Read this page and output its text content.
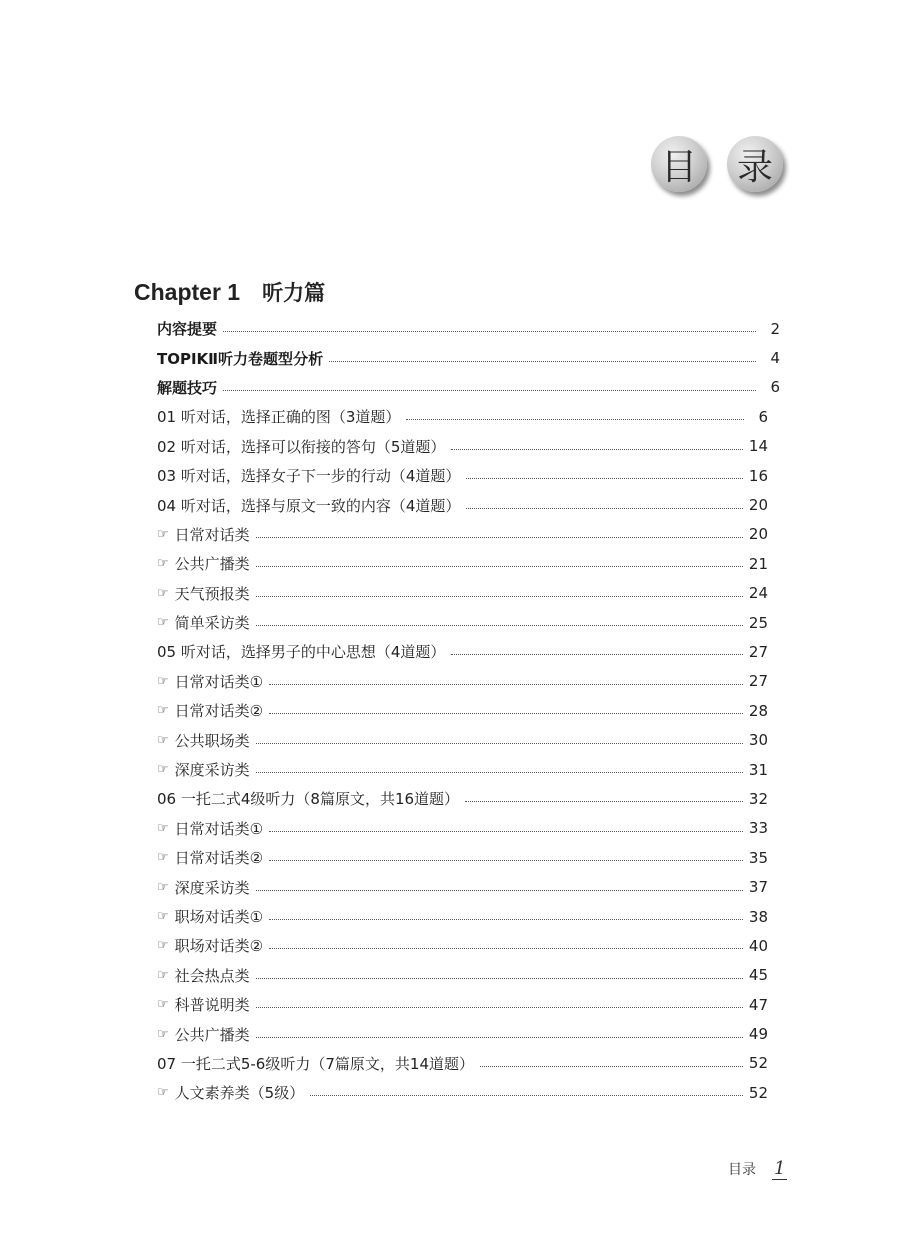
目 录
Chapter 1 听力篇
内容提要	2
TOPIKⅡ听力卷题型分析	4
解题技巧	6
01 听对话，选择正确的图（3道题）	6
02 听对话，选择可以衔接的答句（5道题）	14
03 听对话，选择女子下一步的行动（4道题）	16
04 听对话，选择与原文一致的内容（4道题）	20
☞ 日常对话类	20
☞ 公共广播类	21
☞ 天气预报类	24
☞ 简单采访类	25
05 听对话，选择男子的中心思想（4道题）	27
☞ 日常对话类①	27
☞ 日常对话类②	28
☞ 公共职场类	30
☞ 深度采访类	31
06 一托二式4级听力（8篇原文，共16道题）	32
☞ 日常对话类①	33
☞ 日常对话类②	35
☞ 深度采访类	37
☞ 职场对话类①	38
☞ 职场对话类②	40
☞ 社会热点类	45
☞ 科普说明类	47
☞ 公共广播类	49
07 一托二式5-6级听力（7篇原文，共14道题）	52
☞ 人文素养类（5级）	52
目录 1
